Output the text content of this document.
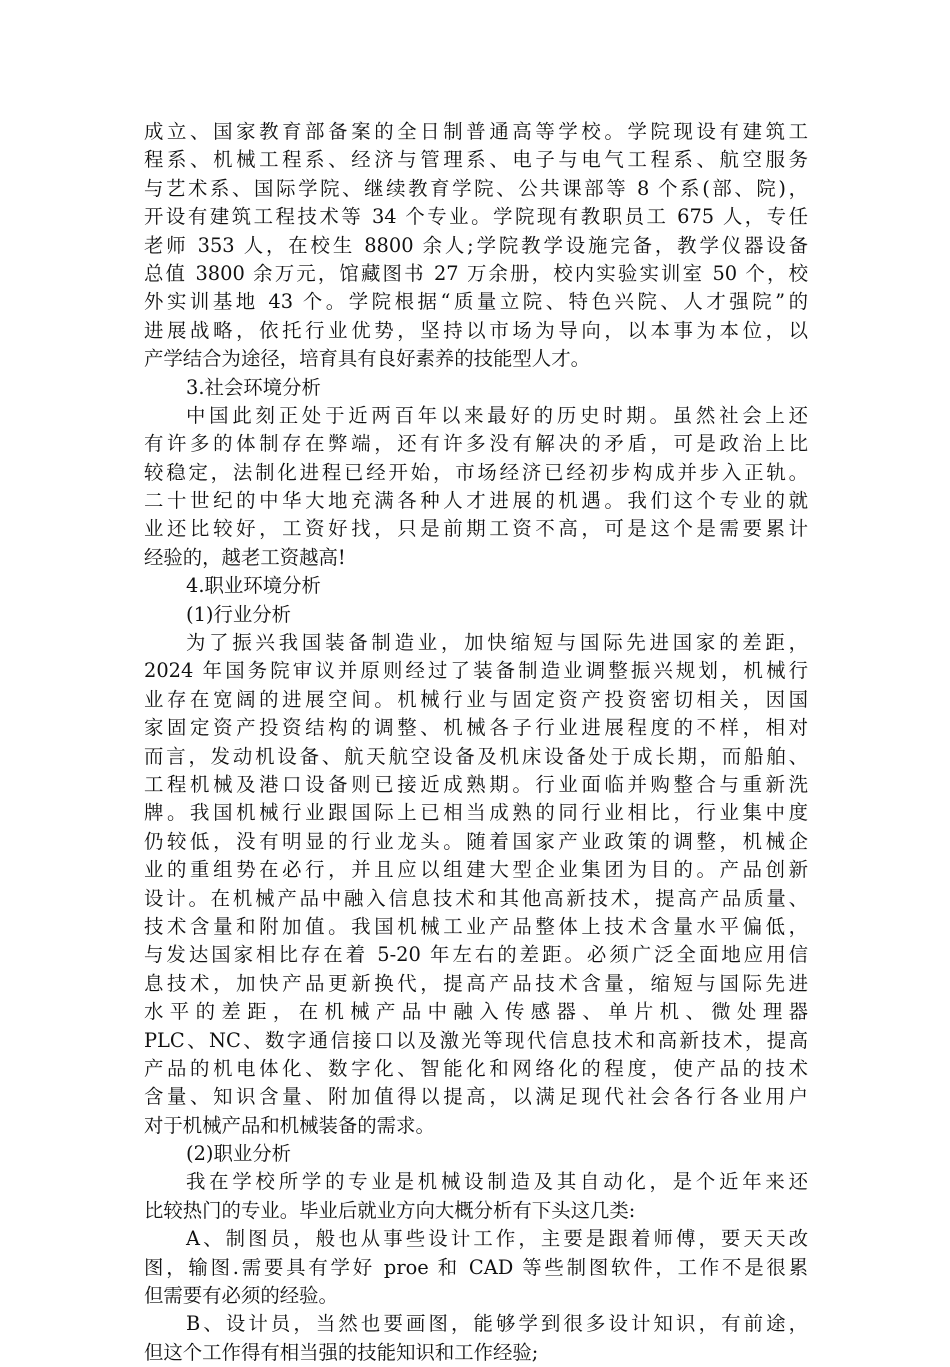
成立、国家教育部备案的全日制普通高等学校。学院现设有建筑工
程系、机械工程系、经济与管理系、电子与电气工程系、航空服务
与艺术系、国际学院、继续教育学院、公共课部等 8 个系(部、院)，
开设有建筑工程技术等 34 个专业。学院现有教职员工 675 人，专任
老师 353 人，在校生 8800 余人;学院教学设施完备，教学仪器设备
总值 3800 余万元，馆藏图书 27 万余册，校内实验实训室 50 个，校
外实训基地 43 个。学院根据“质量立院、特色兴院、人才强院”的
进展战略，依托行业优势，坚持以市场为导向，以本事为本位，以
产学结合为途径，培育具有良好素养的技能型人才。
3.社会环境分析
中国此刻正处于近两百年以来最好的历史时期。虽然社会上还
有许多的体制存在弊端，还有许多没有解决的矛盾，可是政治上比
较稳定，法制化进程已经开始，市场经济已经初步构成并步入正轨。
二十世纪的中华大地充满各种人才进展的机遇。我们这个专业的就
业还比较好，工资好找，只是前期工资不高，可是这个是需要累计
经验的，越老工资越高!
4.职业环境分析
(1)行业分析
为了振兴我国装备制造业，加快缩短与国际先进国家的差距，
2024 年国务院审议并原则经过了装备制造业调整振兴规划，机械行
业存在宽阔的进展空间。机械行业与固定资产投资密切相关，因国
家固定资产投资结构的调整、机械各子行业进展程度的不样，相对
而言，发动机设备、航天航空设备及机床设备处于成长期，而船舶、
工程机械及港口设备则已接近成熟期。行业面临并购整合与重新洗
牌。我国机械行业跟国际上已相当成熟的同行业相比，行业集中度
仍较低，没有明显的行业龙头。随着国家产业政策的调整，机械企
业的重组势在必行，并且应以组建大型企业集团为目的。产品创新
设计。在机械产品中融入信息技术和其他高新技术，提高产品质量、
技术含量和附加值。我国机械工业产品整体上技术含量水平偏低，
与发达国家相比存在着 5-20 年左右的差距。必须广泛全面地应用信
息技术，加快产品更新换代，提高产品技术含量，缩短与国际先进
水平的差距，在机械产品中融入传感器、单片机、微处理器
PLC、NC、数字通信接口以及激光等现代信息技术和高新技术，提高
产品的机电体化、数字化、智能化和网络化的程度，使产品的技术
含量、知识含量、附加值得以提高，以满足现代社会各行各业用户
对于机械产品和机械装备的需求。
(2)职业分析
我在学校所学的专业是机械设制造及其自动化，是个近年来还
比较热门的专业。毕业后就业方向大概分析有下头这几类:
A、制图员，般也从事些设计工作，主要是跟着师傅，要天天改
图，输图.需要具有学好 proe 和 CAD 等些制图软件，工作不是很累
但需要有必须的经验。
B、设计员，当然也要画图，能够学到很多设计知识，有前途，
但这个工作得有相当强的技能知识和工作经验;
